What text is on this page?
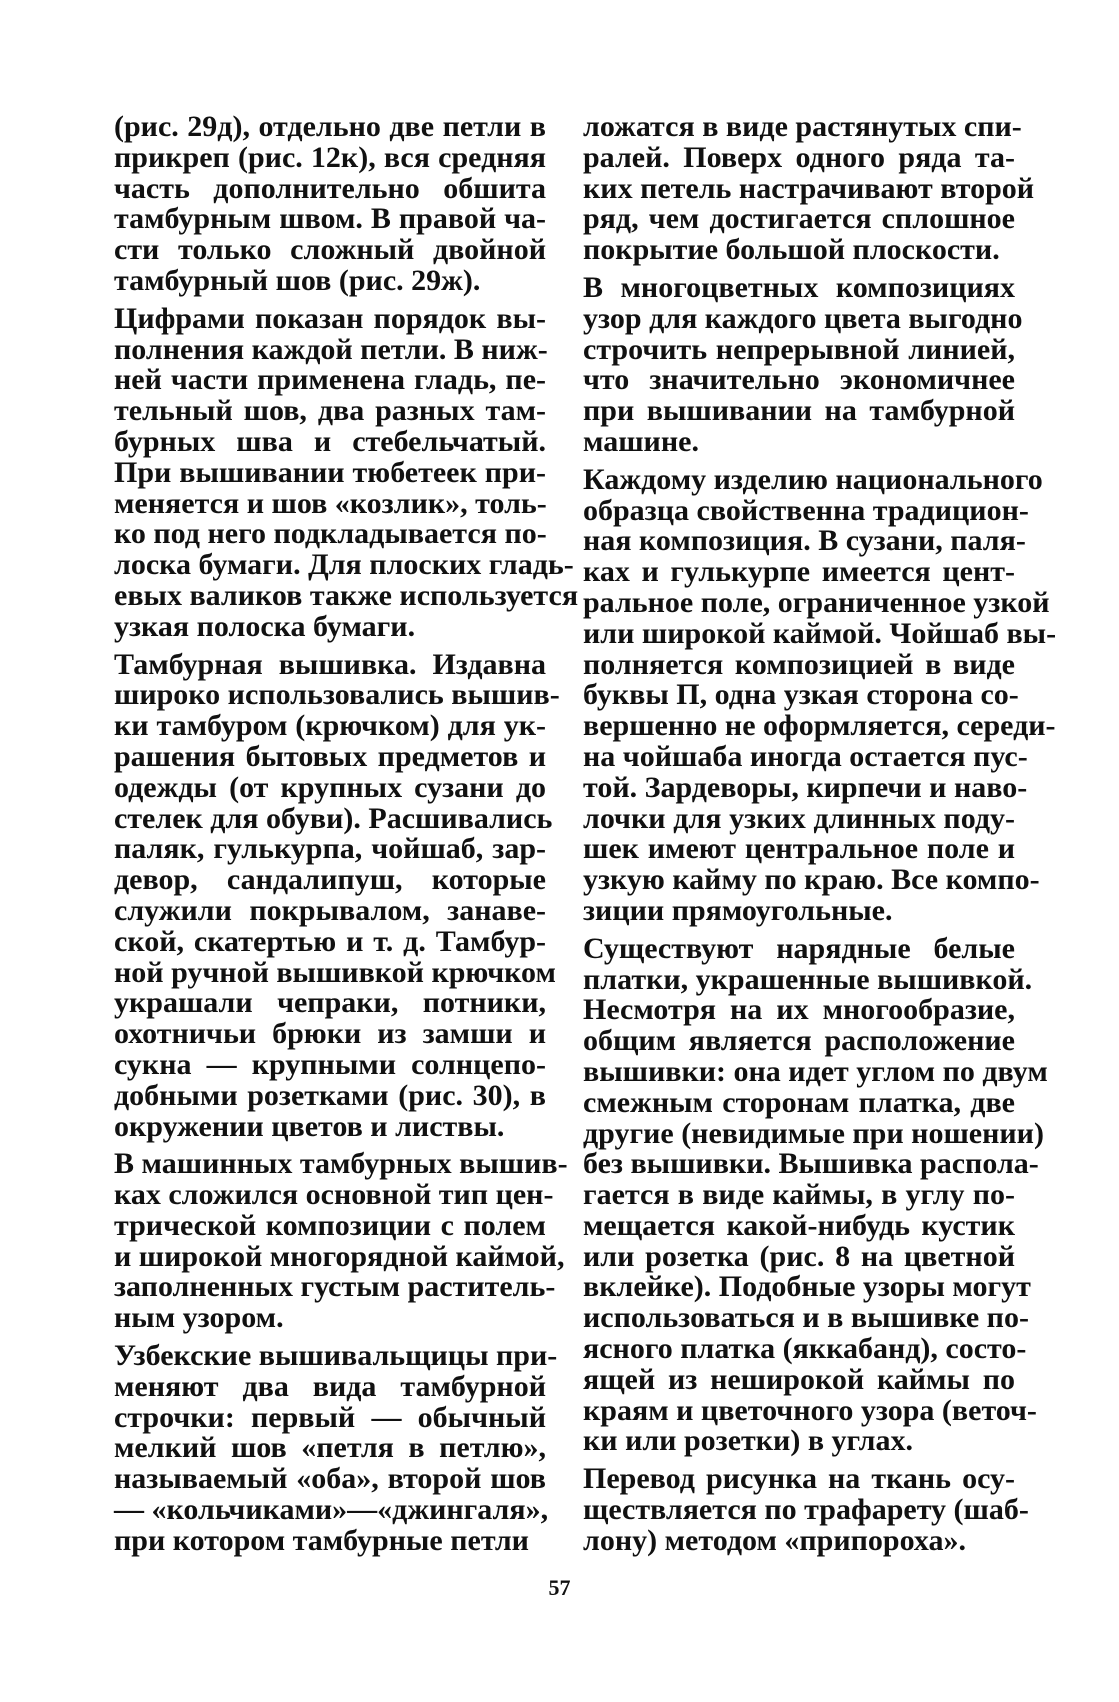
(рис. 29д), отдельно две петли в
прикреп (рис. 12к), вся средняя
часть дополнительно обшита
тамбурным швом. В правой ча-
сти только сложный двойной
тамбурный шов (рис. 29ж).
Цифрами показан порядок вы-
полнения каждой петли. В ниж-
ней части применена гладь, пе-
тельный шов, два разных там-
бурных шва и стебельчатый.
При вышивании тюбетеек при-
меняется и шов «козлик», толь-
ко под него подкладывается по-
лоска бумаги. Для плоских гладь-
евых валиков также используется
узкая полоска бумаги.
Тамбурная вышивка. Издавна
широко использовались вышив-
ки тамбуром (крючком) для ук-
рашения бытовых предметов и
одежды (от крупных сузани до
стелек для обуви). Расшивались
паляк, гулькурпа, чойшаб, зар-
девор, сандалипуш, которые
служили покрывалом, занаве-
ской, скатертью и т. д. Тамбур-
ной ручной вышивкой крючком
украшали чепраки, потники,
охотничьи брюки из замши и
сукна — крупными солнцепо-
добными розетками (рис. 30), в
окружении цветов и листвы.
В машинных тамбурных вышив-
ках сложился основной тип цен-
трической композиции с полем
и широкой многорядной каймой,
заполненных густым раститель-
ным узором.
Узбекские вышивальщицы при-
меняют два вида тамбурной
строчки: первый — обычный
мелкий шов «петля в петлю»,
называемый «оба», второй шов
— «кольчиками»—«джингаля»,
при котором тамбурные петли
ложатся в виде растянутых спи-
ралей. Поверх одного ряда та-
ких петель настрачивают второй
ряд, чем достигается сплошное
покрытие большой плоскости.
В многоцветных композициях
узор для каждого цвета выгодно
строчить непрерывной линией,
что значительно экономичнее
при вышивании на тамбурной
машине.
Каждому изделию национального
образца свойственна традицион-
ная композиция. В сузани, паля-
ках и гулькурпе имеется цент-
ральное поле, ограниченное узкой
или широкой каймой. Чойшаб вы-
полняется композицией в виде
буквы П, одна узкая сторона со-
вершенно не оформляется, середи-
на чойшаба иногда остается пус-
той. Зардеворы, кирпечи и наво-
лочки для узких длинных поду-
шек имеют центральное поле и
узкую кайму по краю. Все компо-
зиции прямоугольные.
Существуют нарядные белые
платки, украшенные вышивкой.
Несмотря на их многообразие,
общим является расположение
вышивки: она идет углом по двум
смежным сторонам платка, две
другие (невидимые при ношении)
без вышивки. Вышивка распола-
гается в виде каймы, в углу по-
мещается какой-нибудь кустик
или розетка (рис. 8 на цветной
вклейке). Подобные узоры могут
использоваться и в вышивке по-
ясного платка (яккабанд), состо-
ящей из неширокой каймы по
краям и цветочного узора (веточ-
ки или розетки) в углах.
Перевод рисунка на ткань осу-
ществляется по трафарету (шаб-
лону) методом «припороха».
57
